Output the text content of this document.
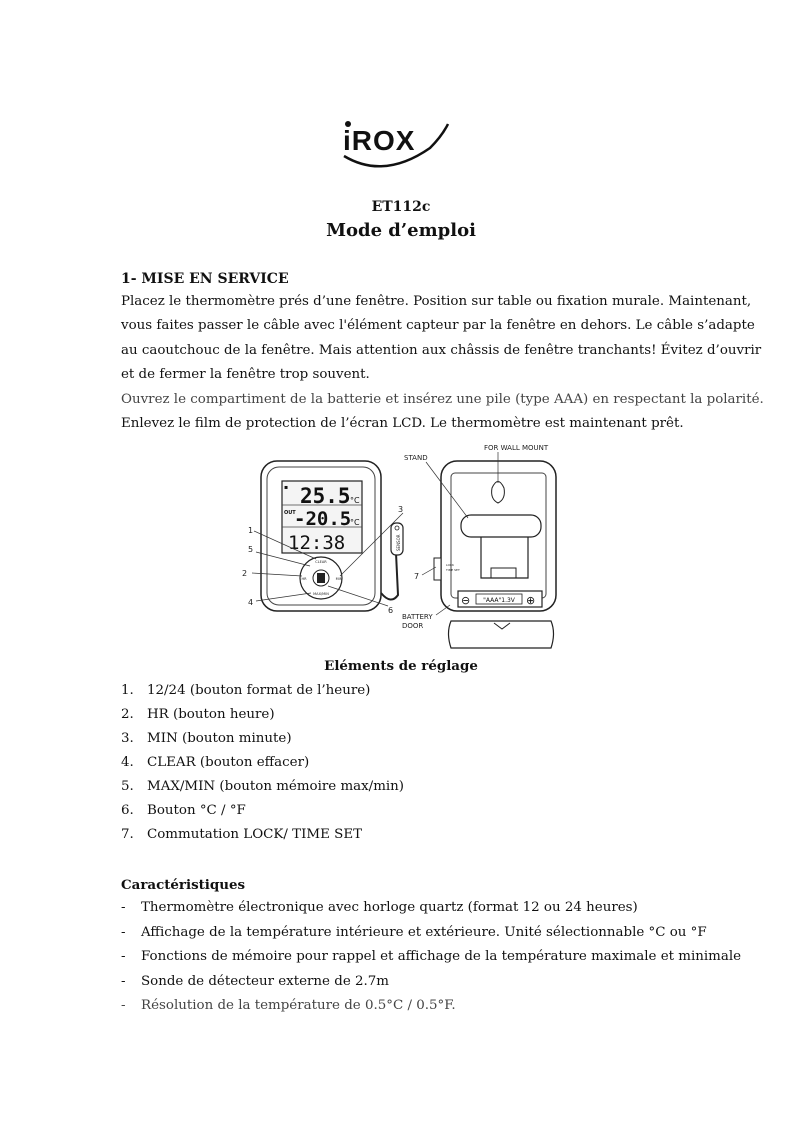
iROX
ET112c
Mode d’emploi
1- MISE EN SERVICE
Placez le thermomètre prés d’une fenêtre. Position sur table ou fixation murale. Maintenant,
vous faites passer le câble avec l'élément capteur par la fenêtre en dehors. Le câble s’adapte
au caoutchouc de la fenêtre. Mais attention aux châssis de fenêtre tranchants! Évitez d’ouvrir
et de fermer la fenêtre trop souvent.
Ouvrez le compartiment de la batterie et insérez une pile (type AAA) en respectant la polarité.
Enlevez le film de protection de l’écran LCD. Le thermomètre est maintenant prêt.
▪ 25.5 °C
OUT
-20.5
°C
12:38
CLEAR
MIN
HR
MAX/MIN
SENSOR
1
2
3
4
5
6
⊖ "AAA"1.3V ⊕
LOCK
TIME SET
7
BATTERY
DOOR
STAND
FOR WALL MOUNT
Eléments de réglage
1. 12/24 (bouton format de l’heure)
2. HR (bouton heure)
3. MIN (bouton minute)
4. CLEAR (bouton effacer)
5. MAX/MIN (bouton mémoire max/min)
6. Bouton °C / °F
7. Commutation LOCK/ TIME SET
Caractéristiques
-	Thermomètre électronique avec horloge quartz (format 12 ou 24 heures)
-	Affichage de la température intérieure et extérieure. Unité sélectionnable °C ou °F
-	Fonctions de mémoire pour rappel et affichage de la température maximale et minimale
-	Sonde de détecteur externe de 2.7m
-	Résolution de la température de 0.5°C / 0.5°F.
